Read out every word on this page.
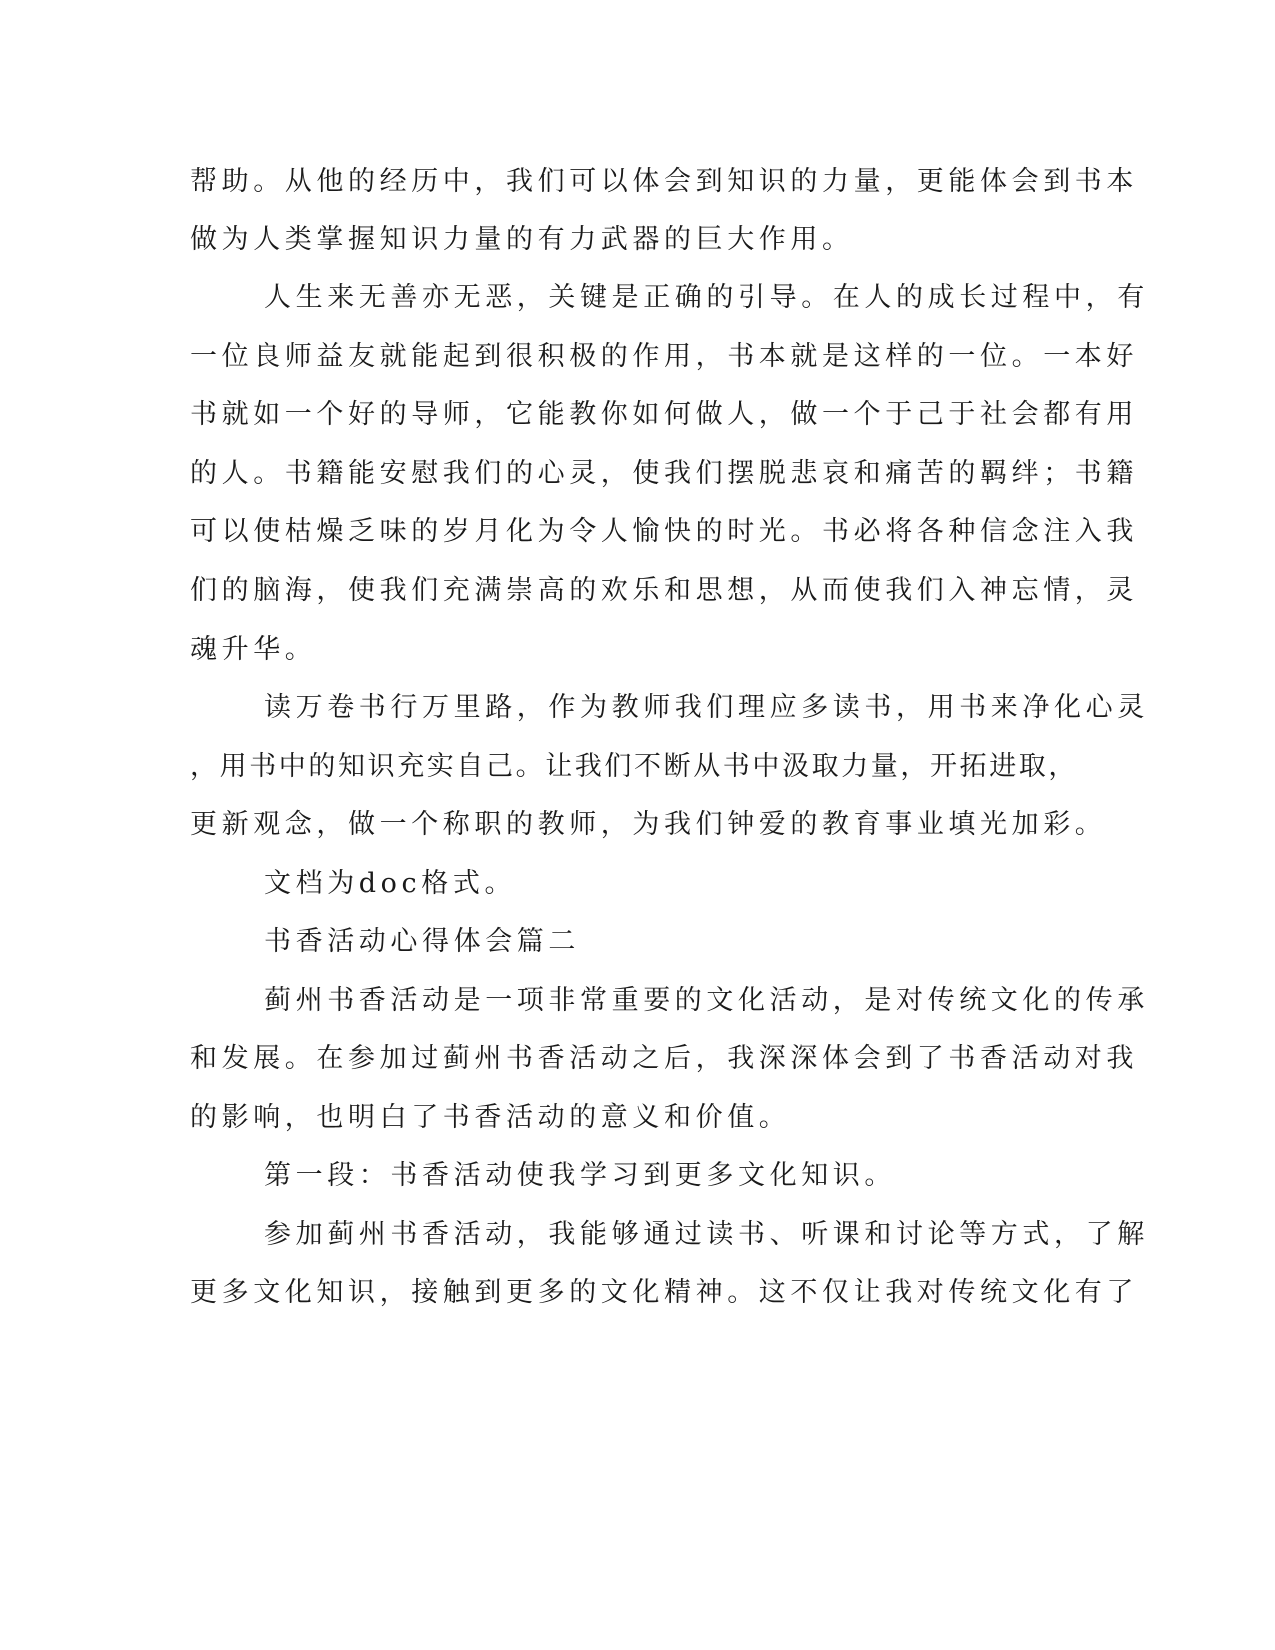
帮助。从他的经历中，我们可以体会到知识的力量，更能体会到书本
做为人类掌握知识力量的有力武器的巨大作用。
人生来无善亦无恶，关键是正确的引导。在人的成长过程中，有
一位良师益友就能起到很积极的作用，书本就是这样的一位。一本好
书就如一个好的导师，它能教你如何做人，做一个于己于社会都有用
的人。书籍能安慰我们的心灵，使我们摆脱悲哀和痛苦的羁绊；书籍
可以使枯燥乏味的岁月化为令人愉快的时光。书必将各种信念注入我
们的脑海，使我们充满崇高的欢乐和思想，从而使我们入神忘情，灵
魂升华。
读万卷书行万里路，作为教师我们理应多读书，用书来净化心灵
，用书中的知识充实自己。让我们不断从书中汲取力量，开拓进取，
更新观念，做一个称职的教师，为我们钟爱的教育事业填光加彩。
文档为doc格式。
书香活动心得体会篇二
蓟州书香活动是一项非常重要的文化活动，是对传统文化的传承
和发展。在参加过蓟州书香活动之后，我深深体会到了书香活动对我
的影响，也明白了书香活动的意义和价值。
第一段：书香活动使我学习到更多文化知识。
参加蓟州书香活动，我能够通过读书、听课和讨论等方式，了解
更多文化知识，接触到更多的文化精神。这不仅让我对传统文化有了
